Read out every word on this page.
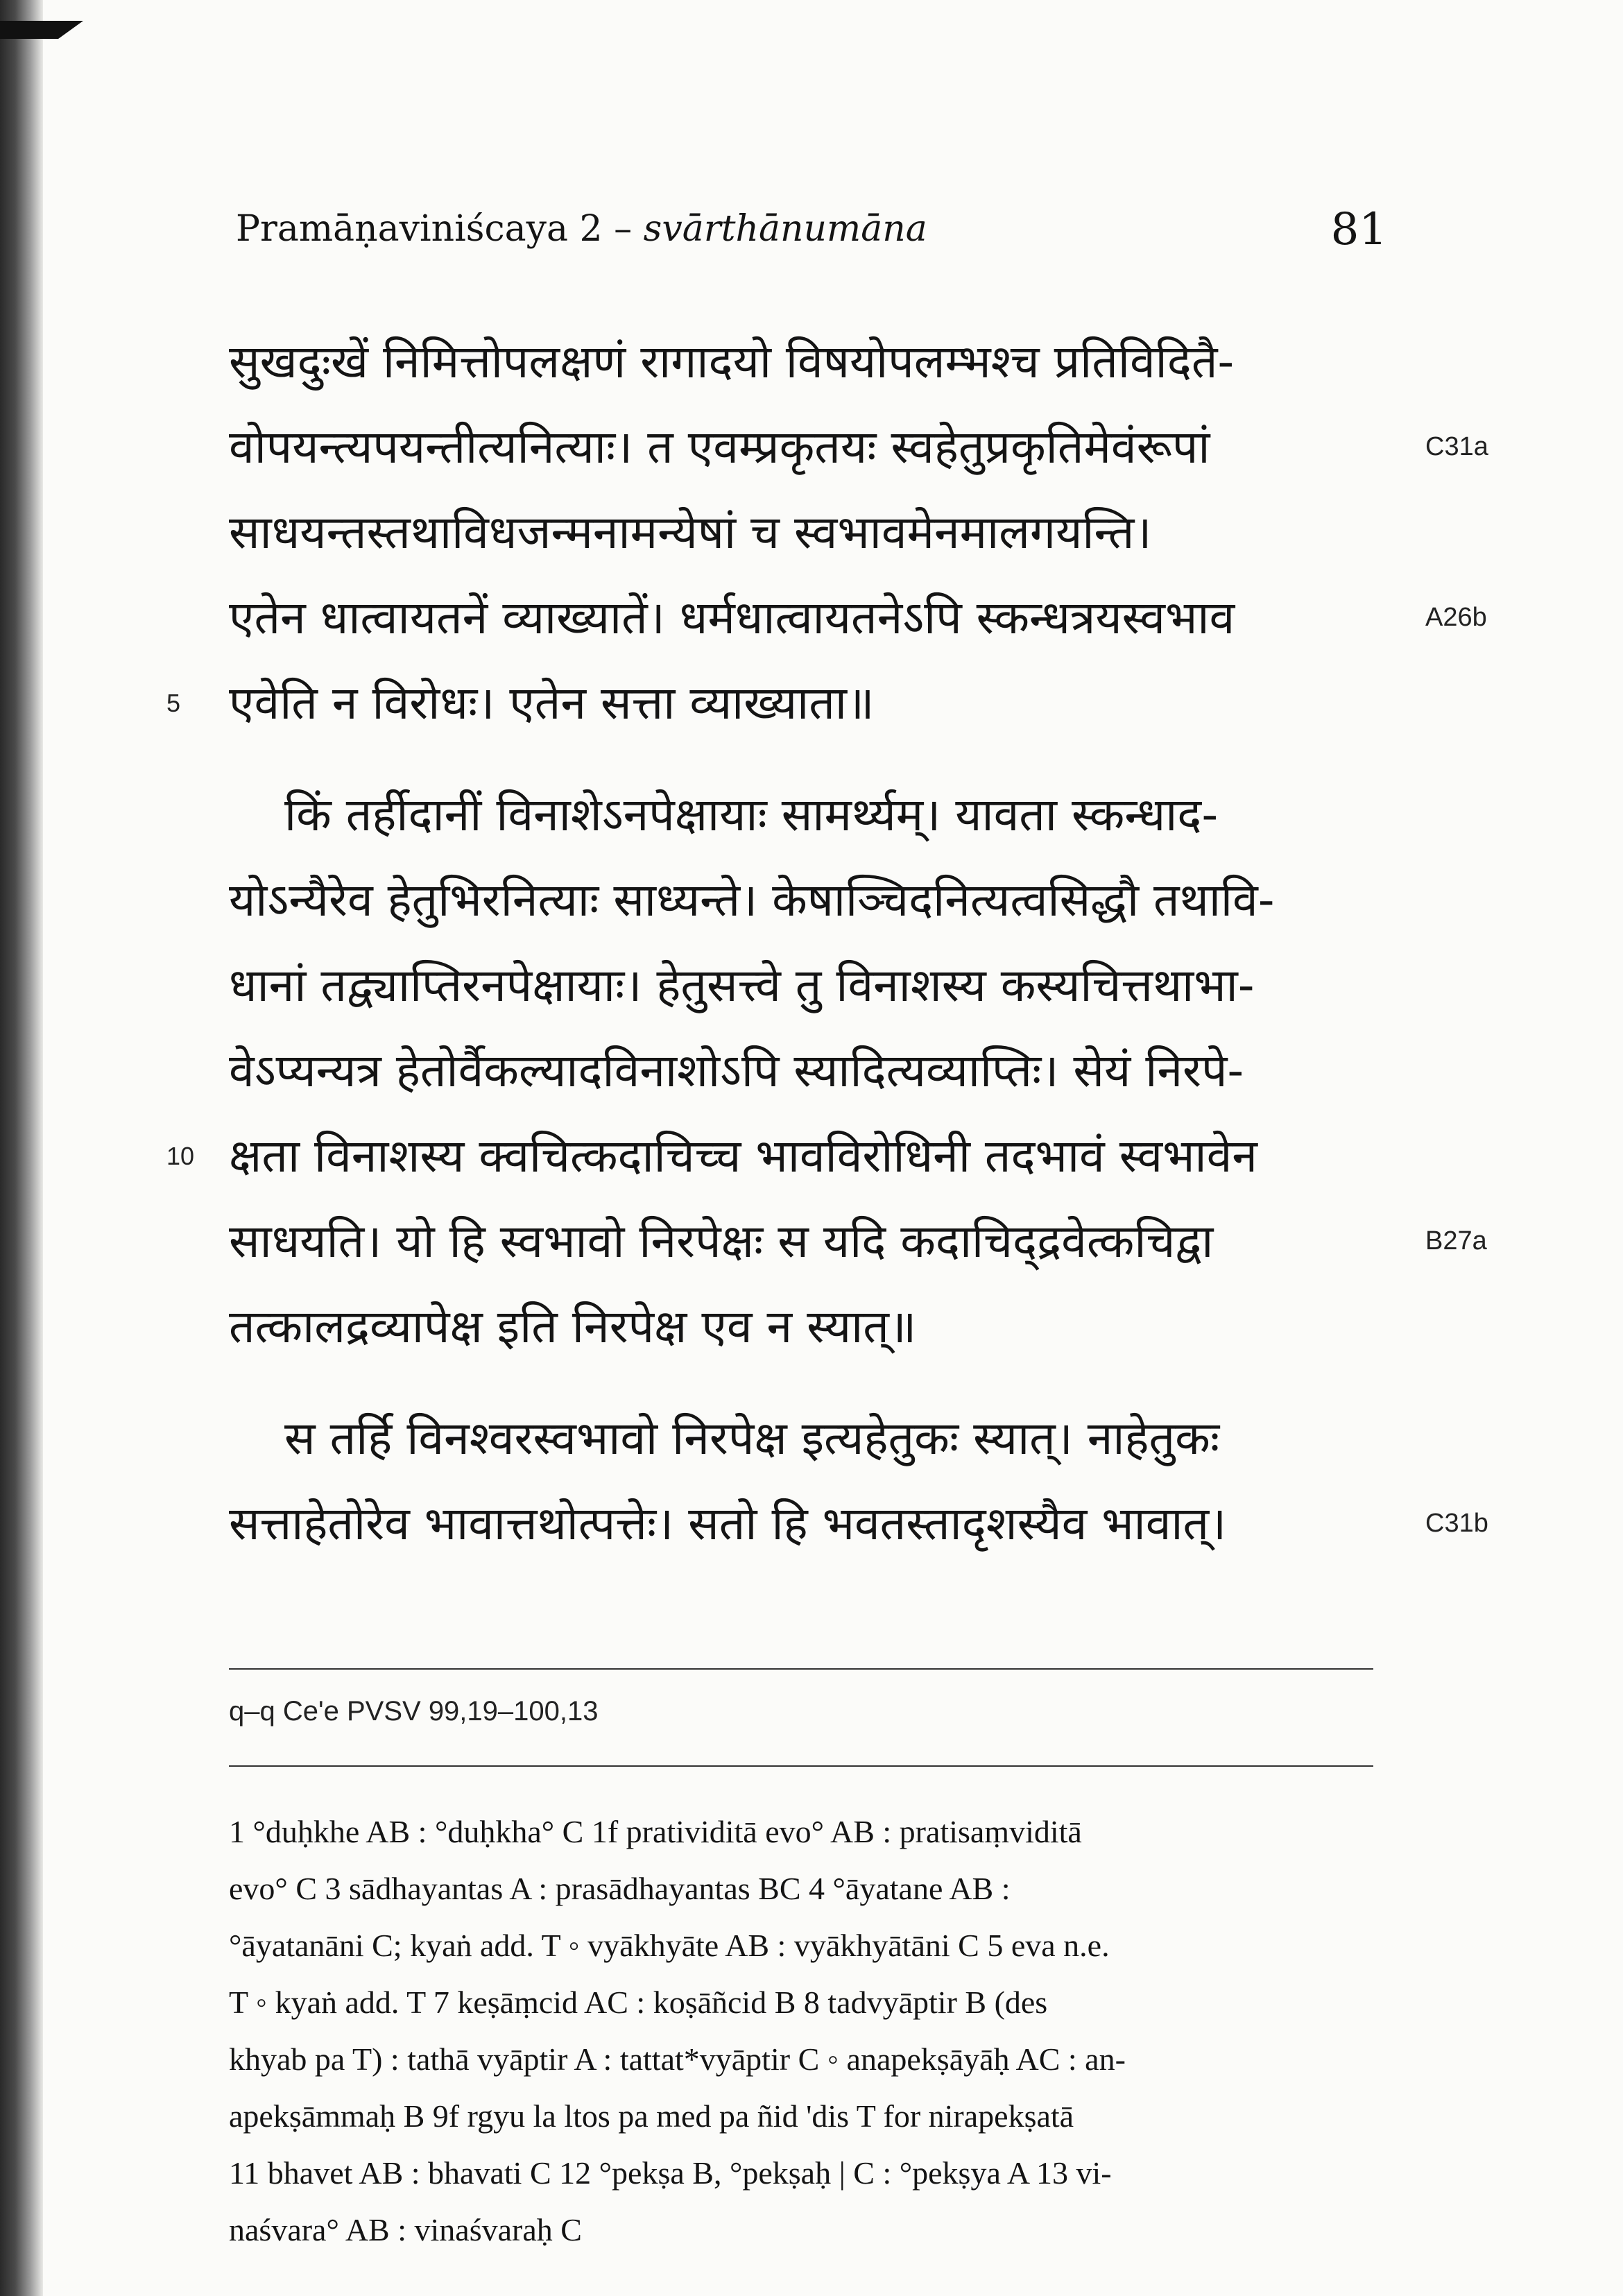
Pramāṇaviniścaya 2 – svārthānumāna	81
सुखदुःखें निमित्तोपलक्षणं रागादयो विषयोपलम्भश्च प्रतिविदितै-
वोपयन्त्यपयन्तीत्यनित्याः। त एवम्प्रकृतयः स्वहेतुप्रकृतिमेवंरूपां	C31a
साधयन्तस्तथाविधजन्मनामन्येषां च स्वभावमेनमालगयन्ति।
एतेन धात्वायतनें व्याख्यातें। धर्मधात्वायतनेऽपि स्कन्धत्रयस्वभाव	A26b
एवेति न विरोधः। एतेन सत्ता व्याख्याता॥
5
किं तर्हीदानीं विनाशेऽनपेक्षायाः सामर्थ्यम्। यावता स्कन्धाद-
योऽन्यैरेव हेतुभिरनित्याः साध्यन्ते। केषाञ्चिदनित्यत्वसिद्धौ तथावि-
धानां तद्व्याप्तिरनपेक्षायाः। हेतुसत्त्वे तु विनाशस्य कस्यचित्तथाभा-
वेऽप्यन्यत्र हेतोर्वैकल्यादविनाशोऽपि स्यादित्यव्याप्तिः। सेयं निरपे-
क्षता विनाशस्य क्वचित्कदाचिच्च भावविरोधिनी तदभावं स्वभावेन
10
साधयति। यो हि स्वभावो निरपेक्षः स यदि कदाचिद्द्रवेत्कचिद्वा	B27a
तत्कालद्रव्यापेक्ष इति निरपेक्ष एव न स्यात्॥
स तर्हि विनश्वरस्वभावो निरपेक्ष इत्यहेतुकः स्यात्। नाहेतुकः
सत्ताहेतोरेव भावात्तथोत्पत्तेः। सतो हि भवतस्तादृशस्यैव भावात्।	C31b
q–q Ce'e PVSV 99,19–100,13
1 °duḥkhe AB : °duḥkha° C 1f pratividitā evo° AB : pratisaṃviditā
evo° C 3 sādhayantas A : prasādhayantas BC 4 °āyatane AB :
°āyatanāni C; kyaṅ add. T ◦ vyākhyāte AB : vyākhyātāni C 5 eva n.e.
T ◦ kyaṅ add. T 7 keṣāṃcid AC : koṣāñcid B 8 tadvyāptir B (des
khyab pa T) : tathā vyāptir A : tattat*vyāptir C ◦ anapekṣāyāḥ AC : an-
apekṣāmmaḥ B 9f rgyu la ltos pa med pa ñid 'dis T for nirapekṣatā
11 bhavet AB : bhavati C 12 °pekṣa B, °pekṣaḥ | C : °pekṣya A 13 vi-
naśvara° AB : vinaśvaraḥ C
